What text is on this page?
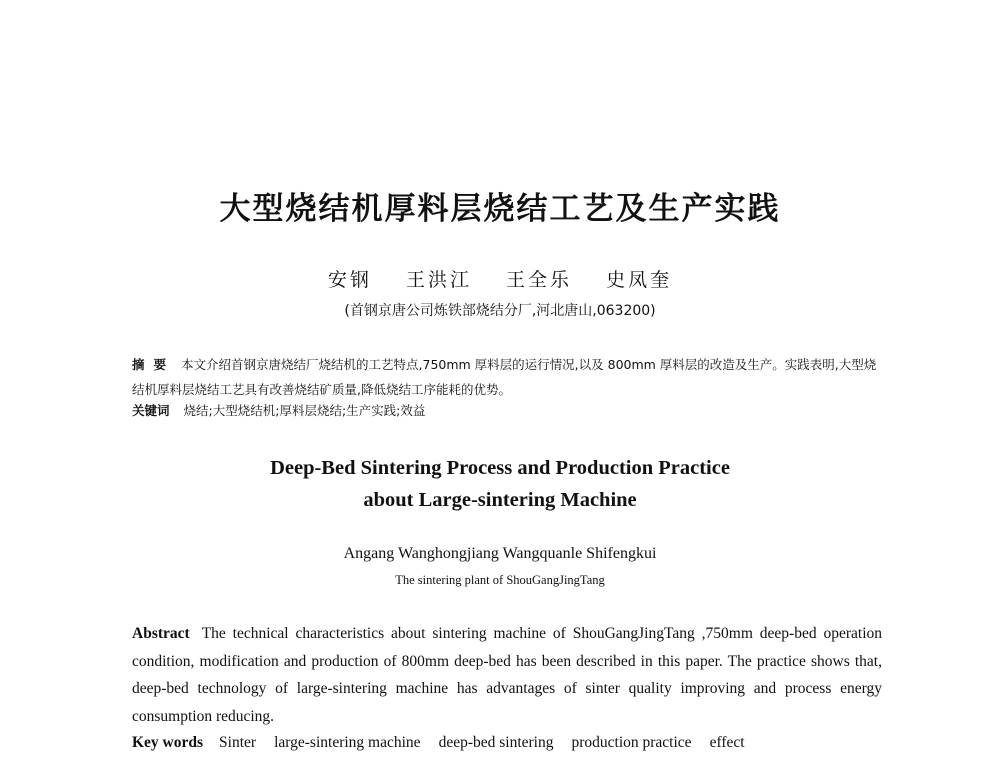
大型烧结机厚料层烧结工艺及生产实践
安钢 王洪江 王全乐 史凤奎
(首钢京唐公司炼铁部烧结分厂,河北唐山,063200)
摘要 本文介绍首钢京唐烧结厂烧结机的工艺特点,750mm 厚料层的运行情况,以及 800mm 厚料层的改造及生产。实践表明,大型烧结机厚料层烧结工艺具有改善烧结矿质量,降低烧结工序能耗的优势。
关键词 烧结;大型烧结机;厚料层烧结;生产实践;效益
Deep-Bed Sintering Process and Production Practice
about Large-sintering Machine
Angang Wanghongjiang Wangquanle Shifengkui
The sintering plant of ShouGangJingTang
Abstract The technical characteristics about sintering machine of ShouGangJingTang ,750mm deep-bed operation condition, modification and production of 800mm deep-bed has been described in this paper. The practice shows that, deep-bed technology of large-sintering machine has advantages of sinter quality improving and process energy consumption reducing.
Key words Sinter large-sintering machine deep-bed sintering production practice effect
